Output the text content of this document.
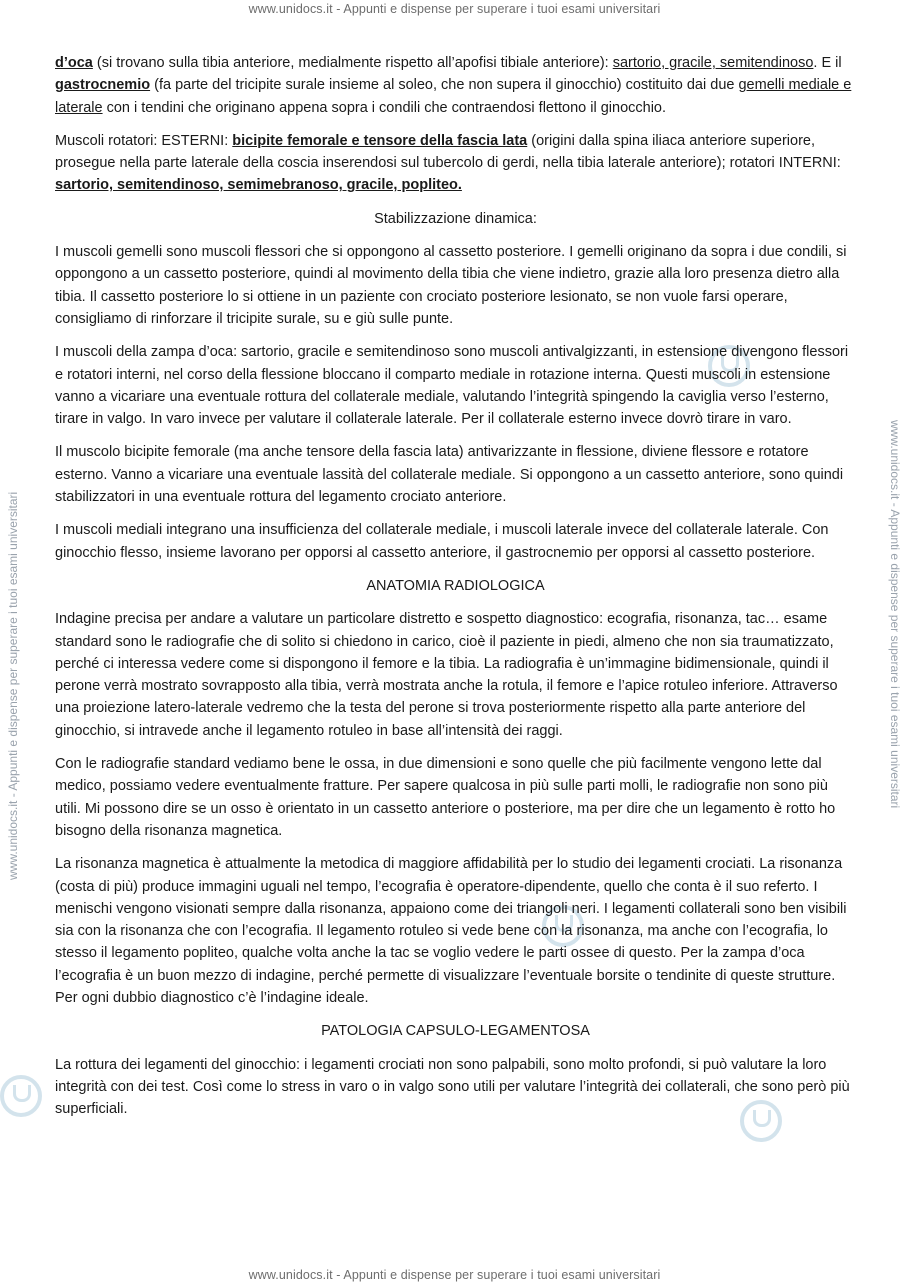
www.unidocs.it - Appunti e dispense per superare i tuoi esami universitari
www.unidocs.it - Appunti e dispense per superare i tuoi esami universitari
www.unidocs.it - Appunti e dispense per superare i tuoi esami universitari	www.unidocs.it - Appunti e dispense per superare i tuoi esami universitari

d’oca (si trovano sulla tibia anteriore, medialmente rispetto all’apofisi tibiale anteriore): sartorio, gracile, semitendinoso. E il gastrocnemio (fa parte del tricipite surale insieme al soleo, che non supera il ginocchio) costituito dai due gemelli mediale e laterale con i tendini che originano appena sopra i condili che contraendosi flettono il ginocchio.

Muscoli rotatori: ESTERNI: bicipite femorale e tensore della fascia lata (origini dalla spina iliaca anteriore superiore, prosegue nella parte laterale della coscia inserendosi sul tubercolo di gerdi, nella tibia laterale anteriore); rotatori INTERNI: sartorio, semitendinoso, semimebranoso, gracile, popliteo.

Stabilizzazione dinamica:

I muscoli gemelli sono muscoli flessori che si oppongono al cassetto posteriore. I gemelli originano da sopra i due condili, si oppongono a un cassetto posteriore, quindi al movimento della tibia che viene indietro, grazie alla loro presenza dietro alla tibia. Il cassetto posteriore lo si ottiene in un paziente con crociato posteriore lesionato, se non vuole farsi operare, consigliamo di rinforzare il tricipite surale, su e giù sulle punte.

I muscoli della zampa d’oca: sartorio, gracile e semitendinoso sono muscoli antivalgizzanti, in estensione divengono flessori e rotatori interni, nel corso della flessione bloccano il comparto mediale in rotazione interna. Questi muscoli in estensione vanno a vicariare una eventuale rottura del collaterale mediale, valutando l’integrità spingendo la caviglia verso l’esterno, tirare in valgo. In varo invece per valutare il collaterale laterale. Per il collaterale esterno invece dovrò tirare in varo.

Il muscolo bicipite femorale (ma anche tensore della fascia lata) antivarizzante in flessione, diviene flessore e rotatore esterno. Vanno a vicariare una eventuale lassità del collaterale mediale. Si oppongono a un cassetto anteriore, sono quindi stabilizzatori in una eventuale rottura del legamento crociato anteriore.

I muscoli mediali integrano una insufficienza del collaterale mediale, i muscoli laterale invece del collaterale laterale. Con ginocchio flesso, insieme lavorano per opporsi al cassetto anteriore, il gastrocnemio per opporsi al cassetto posteriore.

ANATOMIA RADIOLOGICA

Indagine precisa per andare a valutare un particolare distretto e sospetto diagnostico: ecografia, risonanza, tac… esame standard sono le radiografie che di solito si chiedono in carico, cioè il paziente in piedi, almeno che non sia traumatizzato, perché ci interessa vedere come si dispongono il femore e la tibia. La radiografia è un’immagine bidimensionale, quindi il perone verrà mostrato sovrapposto alla tibia, verrà mostrata anche la rotula, il femore e l’apice rotuleo inferiore. Attraverso una proiezione latero-laterale vedremo che la testa del perone si trova posteriormente rispetto alla parte anteriore del ginocchio, si intravede anche il legamento rotuleo in base all’intensità dei raggi.

Con le radiografie standard vediamo bene le ossa, in due dimensioni e sono quelle che più facilmente vengono lette dal medico, possiamo vedere eventualmente fratture. Per sapere qualcosa in più sulle parti molli, le radiografie non sono più utili. Mi possono dire se un osso è orientato in un cassetto anteriore o posteriore, ma per dire che un legamento è rotto ho bisogno della risonanza magnetica.

La risonanza magnetica è attualmente la metodica di maggiore affidabilità per lo studio dei legamenti crociati. La risonanza (costa di più) produce immagini uguali nel tempo, l’ecografia è operatore-dipendente, quello che conta è il suo referto. I menischi vengono visionati sempre dalla risonanza, appaiono come dei triangoli neri. I legamenti collaterali sono ben visibili sia con la risonanza che con l’ecografia. Il legamento rotuleo si vede bene con la risonanza, ma anche con l’ecografia, lo stesso il legamento popliteo, qualche volta anche la tac se voglio vedere le parti ossee di questo. Per la zampa d’oca l’ecografia è un buon mezzo di indagine, perché permette di visualizzare l’eventuale borsite o tendinite di queste strutture. Per ogni dubbio diagnostico c’è l’indagine ideale.

PATOLOGIA CAPSULO-LEGAMENTOSA

La rottura dei legamenti del ginocchio: i legamenti crociati non sono palpabili, sono molto profondi, si può valutare la loro integrità con dei test. Così come lo stress in varo o in valgo sono utili per valutare l’integrità dei collaterali, che sono però più superficiali.
